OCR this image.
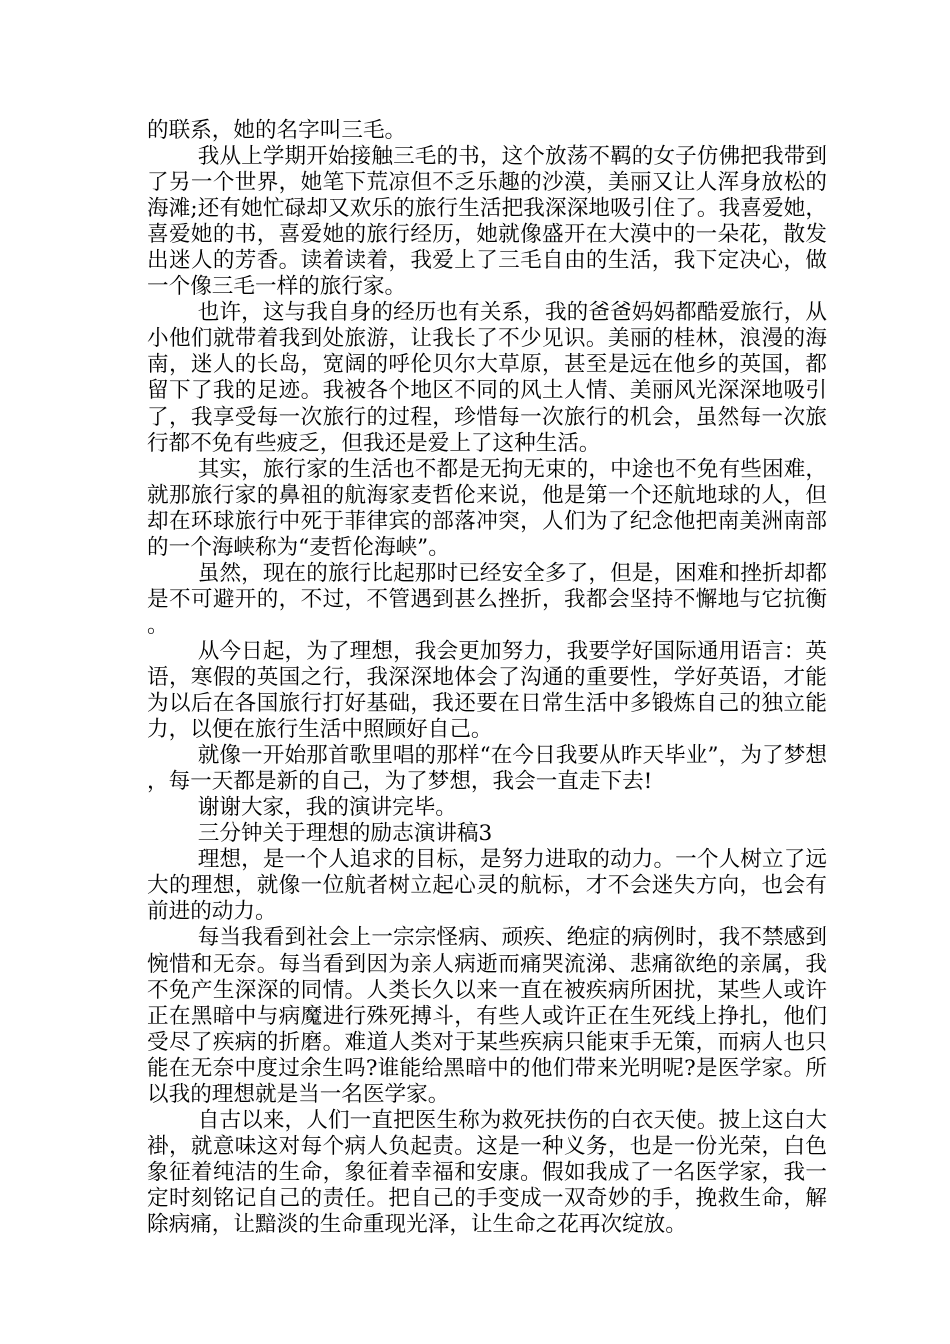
的联系，她的名字叫三毛。

我从上学期开始接触三毛的书，这个放荡不羁的女子仿佛把我带到了另一个世界，她笔下荒凉但不乏乐趣的沙漠，美丽又让人浑身放松的海滩;还有她忙碌却又欢乐的旅行生活把我深深地吸引住了。我喜爱她，喜爱她的书，喜爱她的旅行经历，她就像盛开在大漠中的一朵花，散发出迷人的芳香。读着读着，我爱上了三毛自由的生活，我下定决心，做一个像三毛一样的旅行家。

也许，这与我自身的经历也有关系，我的爸爸妈妈都酷爱旅行，从小他们就带着我到处旅游，让我长了不少见识。美丽的桂林，浪漫的海南，迷人的长岛，宽阔的呼伦贝尔大草原，甚至是远在他乡的英国，都留下了我的足迹。我被各个地区不同的风土人情、美丽风光深深地吸引了，我享受每一次旅行的过程，珍惜每一次旅行的机会，虽然每一次旅行都不免有些疲乏，但我还是爱上了这种生活。

其实，旅行家的生活也不都是无拘无束的，中途也不免有些困难，就那旅行家的鼻祖的航海家麦哲伦来说，他是第一个还航地球的人，但却在环球旅行中死于菲律宾的部落冲突，人们为了纪念他把南美洲南部的一个海峡称为“麦哲伦海峡”。

虽然，现在的旅行比起那时已经安全多了，但是，困难和挫折却都是不可避开的，不过，不管遇到甚么挫折，我都会坚持不懈地与它抗衡。

从今日起，为了理想，我会更加努力，我要学好国际通用语言：英语，寒假的英国之行，我深深地体会了沟通的重要性，学好英语，才能为以后在各国旅行打好基础，我还要在日常生活中多锻炼自己的独立能力，以便在旅行生活中照顾好自己。

就像一开始那首歌里唱的那样“在今日我要从昨天毕业”，为了梦想，每一天都是新的自己，为了梦想，我会一直走下去!

谢谢大家，我的演讲完毕。

三分钟关于理想的励志演讲稿3

理想，是一个人追求的目标，是努力进取的动力。一个人树立了远大的理想，就像一位航者树立起心灵的航标，才不会迷失方向，也会有前进的动力。

每当我看到社会上一宗宗怪病、顽疾、绝症的病例时，我不禁感到惋惜和无奈。每当看到因为亲人病逝而痛哭流涕、悲痛欲绝的亲属，我不免产生深深的同情。人类长久以来一直在被疾病所困扰，某些人或许正在黑暗中与病魔进行殊死搏斗，有些人或许正在生死线上挣扎，他们受尽了疾病的折磨。难道人类对于某些疾病只能束手无策，而病人也只能在无奈中度过余生吗?谁能给黑暗中的他们带来光明呢?是医学家。所以我的理想就是当一名医学家。

自古以来，人们一直把医生称为救死扶伤的白衣天使。披上这白大褂，就意味这对每个病人负起责。这是一种义务，也是一份光荣，白色象征着纯洁的生命，象征着幸福和安康。假如我成了一名医学家，我一定时刻铭记自己的责任。把自己的手变成一双奇妙的手，挽救生命，解除病痛，让黯淡的生命重现光泽，让生命之花再次绽放。
